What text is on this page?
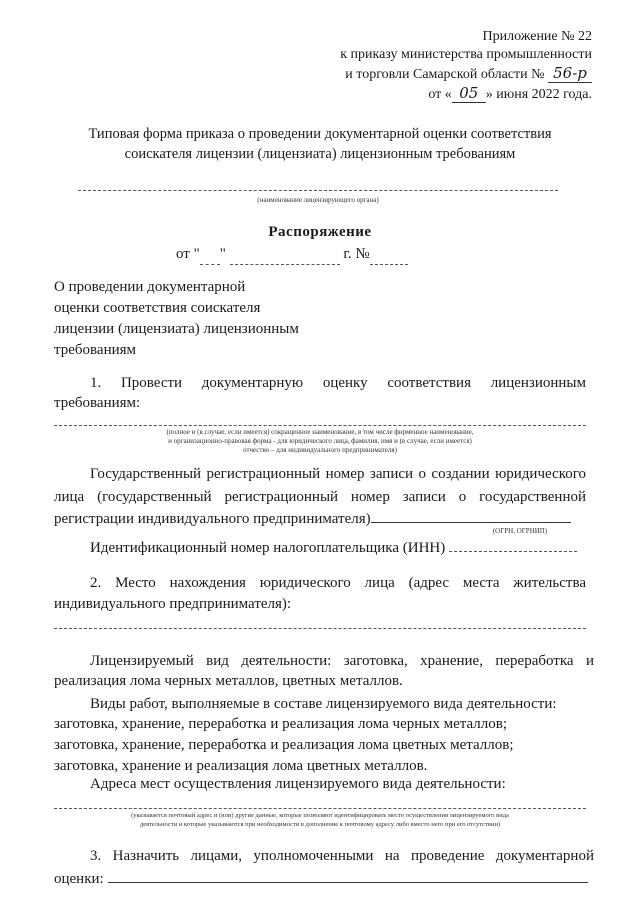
Приложение № 22
к приказу министерства промышленности
и торговли Самарской области № 56-р
от « 05 » июня 2022 года.
Типовая форма приказа о проведении документарной оценки соответствия
соискателя лицензии (лицензиата) лицензионным требованиям
(наименование лицензирующего органа)
Распоряжение
от " "	г. №
О проведении документарной
оценки соответствия соискателя
лицензии (лицензиата) лицензионным
требованиям
1. Провести документарную оценку соответствия лицензионным
требованиям:
(полное и (в случае, если имеется) сокращенное наименование, в том числе фирменное наименование,
и организационно-правовая форма - для юридического лица, фамилия, имя и (в случае, если имеется)
отчество – для индивидуального предпринимателя)
Государственный регистрационный номер записи о создании юридического
лица (государственный регистрационный номер записи о государственной
регистрации индивидуального предпринимателя)
(ОГРН, ОГРНИП)
Идентификационный номер налогоплательщика (ИНН)
2. Место нахождения юридического лица (адрес места жительства
индивидуального предпринимателя):
Лицензируемый вид деятельности: заготовка, хранение, переработка и
реализация лома черных металлов, цветных металлов.
Виды работ, выполняемые в составе лицензируемого вида деятельности:
заготовка, хранение, переработка и реализация лома черных металлов;
заготовка, хранение, переработка и реализация лома цветных металлов;
заготовка, хранение и реализация лома цветных металлов.
Адреса мест осуществления лицензируемого вида деятельности:
(указывается почтовый адрес и (или) другие данные, которые позволяют идентифицировать место осуществления лицензируемого вида
деятельности и которые указываются при необходимости в дополнение к почтовому адресу либо вместо него при его отсутствии)
3. Назначить лицами, уполномоченными на проведение документарной
оценки:
